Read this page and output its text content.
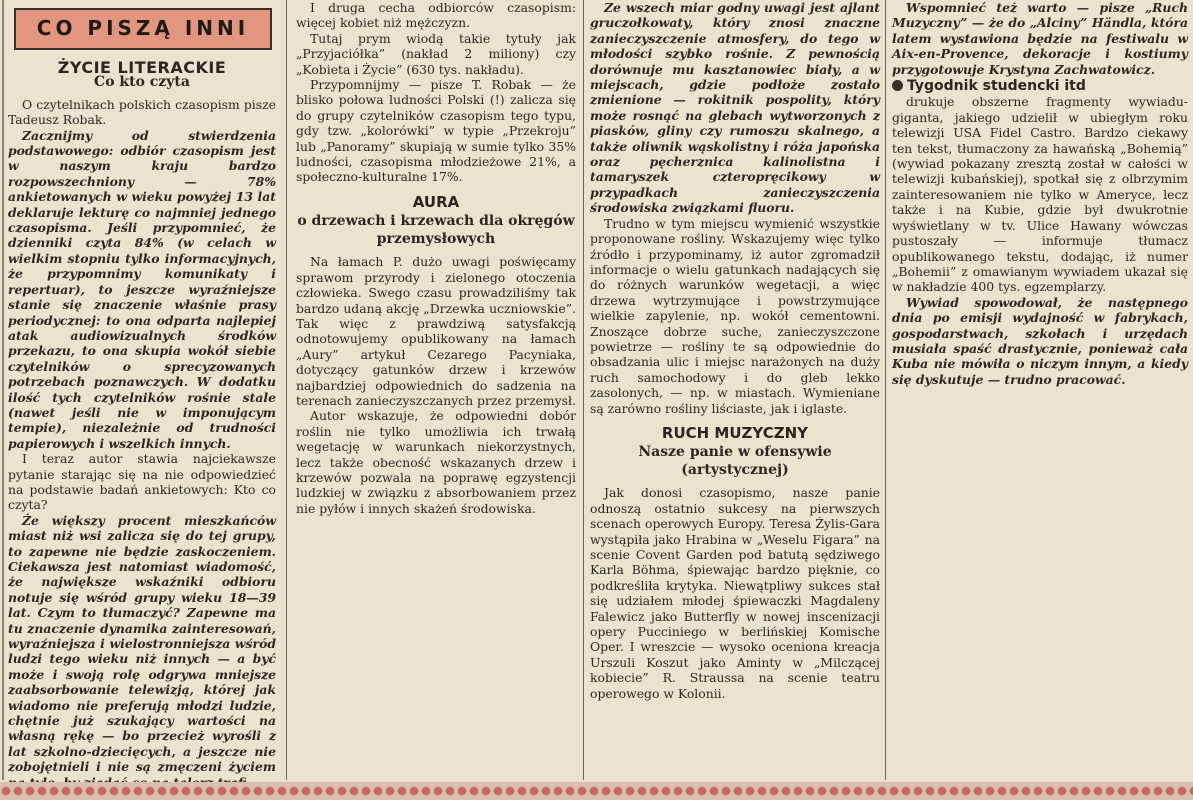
CO PISZĄ INNI
ŻYCIE LITERACKIE
Co kto czyta

O czytelnikach polskich czasopism pisze Tadeusz Robak.

Zacznijmy od stwierdzenia podstawowego: odbiór czasopism jest w naszym kraju bardzo rozpowszechniony — 78% ankietowanych w wieku powyżej 13 lat deklaruje lekturę co najmniej jednego czasopisma. Jeśli przypomnieć, że dzienniki czyta 84% (w celach w wielkim stopniu tylko informacyjnych, że przypomnimy komunikaty i repertuar), to jeszcze wyraźniejsze stanie się znaczenie właśnie prasy periodycznej: to ona odparta najlepiej atak audiowizualnych środków przekazu, to ona skupia wokół siebie czytelników o sprecyzowanych potrzebach poznawczych. W dodatku ilość tych czytelników rośnie stale (nawet jeśli nie w imponującym tempie), niezależnie od trudności papierowych i wszelkich innych.

I teraz autor stawia najciekawsze pytanie starając się na nie odpowiedzieć na podstawie badań ankietowych: Kto co czyta?

Że większy procent mieszkańców miast niż wsi zalicza się do tej grupy, to zapewne nie będzie zaskoczeniem. Ciekawsza jest natomiast wiadomość, że największe wskaźniki odbioru notuje się wśród grupy wieku 18—39 lat. Czym to tłumaczyć? Zapewne ma tu znaczenie dynamika zainteresowań, wyraźniejsza i wielostronniejsza wśród ludzi tego wieku niż innych — a być może i swoją rolę odgrywa mniejsze zaabsorbowanie telewizją, której jak wiadomo nie preferują młodzi ludzie, chętnie już szukający wartości na własną rękę — bo przecież wyrośli z lat szkolno-dziecięcych, a jeszcze nie zobojętnieli i nie są zmęczeni życiem

I druga cecha odbiorców czasopism: więcej kobiet niż mężczyzn.

Tutaj prym wiodą takie tytuły jak „Przyjaciółka” (nakład 2 miliony) czy „Kobieta i Życie” (630 tys. nakładu).

Przypomnijmy — pisze T. Robak — że blisko połowa ludności Polski (!) zalicza się do grupy czytelników czasopism tego typu, gdy tzw. „kolorówki” w typie „Przekroju” lub „Panoramy” skupiają w sumie tylko 35% ludności, czasopisma młodzieżowe 21%, a społeczno-kulturalne 17%.

AURA
o drzewach i krzewach dla okręgów przemysłowych

Na łamach P. dużo uwagi poświęcamy sprawom przyrody i zielonego otoczenia człowieka. Swego czasu prowadziliśmy tak bardzo udaną akcję „Drzewka uczniowskie”. Tak więc z prawdziwą satysfakcją odnotowujemy opublikowany na łamach „Aury” artykuł Cezarego Pacyniaka, dotyczący gatunków drzew i krzewów najbardziej odpowiednich do sadzenia na terenach zanieczyszczanych przez przemysł.

Autor wskazuje, że odpowiedni dobór roślin nie tylko umożliwia ich trwałą wegetację w warunkach niekorzystnych, lecz także obecność wskazanych drzew i krzewów pozwala na poprawę egzystencji ludzkiej w związku z absorbowaniem przez nie pyłów i innych skażeń środowiska.

Ze wszech miar godny uwagi jest ajlant gruczołkowaty, który znosi znaczne zanieczyszczenie atmosfery, do tego w młodości szybko rośnie. Z pewnością dorównuje mu kasztanowiec biały, a w miejscach, gdzie podłoże zostało zmienione — rokitnik pospolity, który może rosnąć na glebach wytworzonych z piasków, gliny czy rumoszu skalnego, a także oliwnik wąskolistny i róża japońska oraz pęcherznica kalinolistna i tamaryszek czteropręcikowy w przypadkach zanieczyszczenia środowiska związkami fluoru.

Trudno w tym miejscu wymienić wszystkie proponowane rośliny. Wskazujemy więc tylko źródło i przypominamy, iż autor zgromadził informacje o wielu gatunkach nadających się do różnych warunków wegetacji, a więc drzewa wytrzymujące i powstrzymujące wielkie zapylenie, np. wokół cementowni. Znoszące dobrze suche, zanieczyszczone powietrze — rośliny te są odpowiednie do obsadzania ulic i miejsc narażonych na duży ruch samochodowy i do gleb lekko zasolonych, — np. w miastach. Wymieniane są zarówno rośliny liściaste, jak i iglaste.

RUCH MUZYCZNY
Nasze panie w ofensywie (artystycznej)

Jak donosi czasopismo, nasze panie odnoszą ostatnio sukcesy na pierwszych scenach operowych Europy. Teresa Żylis-Gara wystąpiła jako Hrabina w „Weselu Figara” na scenie Covent Garden pod batutą sędziwego Karla Böhma, śpiewając bardzo pięknie, co podkreśliła krytyka. Niewątpliwy sukces stał się udziałem młodej śpiewaczki Magdaleny Falewicz jako Butterfly w nowej inscenizacji opery Pucciniego w berlińskiej Komische Oper. I wreszcie — wysoko oceniona kreacja Urszuli Koszut jako Aminty w „Milczącej kobiecie” R. Straussa na scenie teatru operowego w Kolonii.

Wspomnieć też warto — pisze „Ruch Muzyczny” — że do „Alciny” Händla, która latem wystawiona będzie na festiwalu w Aix-en-Provence, dekoracje i kostiumy przygotowuje Krystyna Zachwatowicz.

Tygodnik studencki itd

drukuje obszerne fragmenty wywiadu-giganta, jakiego udzielił w ubiegłym roku telewizji USA Fidel Castro. Bardzo ciekawy ten tekst, tłumaczony za hawańską „Bohemią” (wywiad pokazany zresztą został w całości w telewizji kubańskiej), spotkał się z olbrzymim zainteresowaniem nie tylko w Ameryce, lecz także i na Kubie, gdzie był dwukrotnie wyświetlany w tv. Ulice Hawany wówczas pustoszały — informuje tłumacz opublikowanego tekstu, dodając, iż numer „Bohemii” z omawianym wywiadem ukazał się w nakładzie 400 tys. egzemplarzy.

Wywiad spowodował, że następnego dnia po emisji wydajność w fabrykach, gospodarstwach, szkołach i urzędach musiała spaść drastycznie, ponieważ cała Kuba nie mówiła o niczym innym, a kiedy się dyskutuje — trudno pracować.
